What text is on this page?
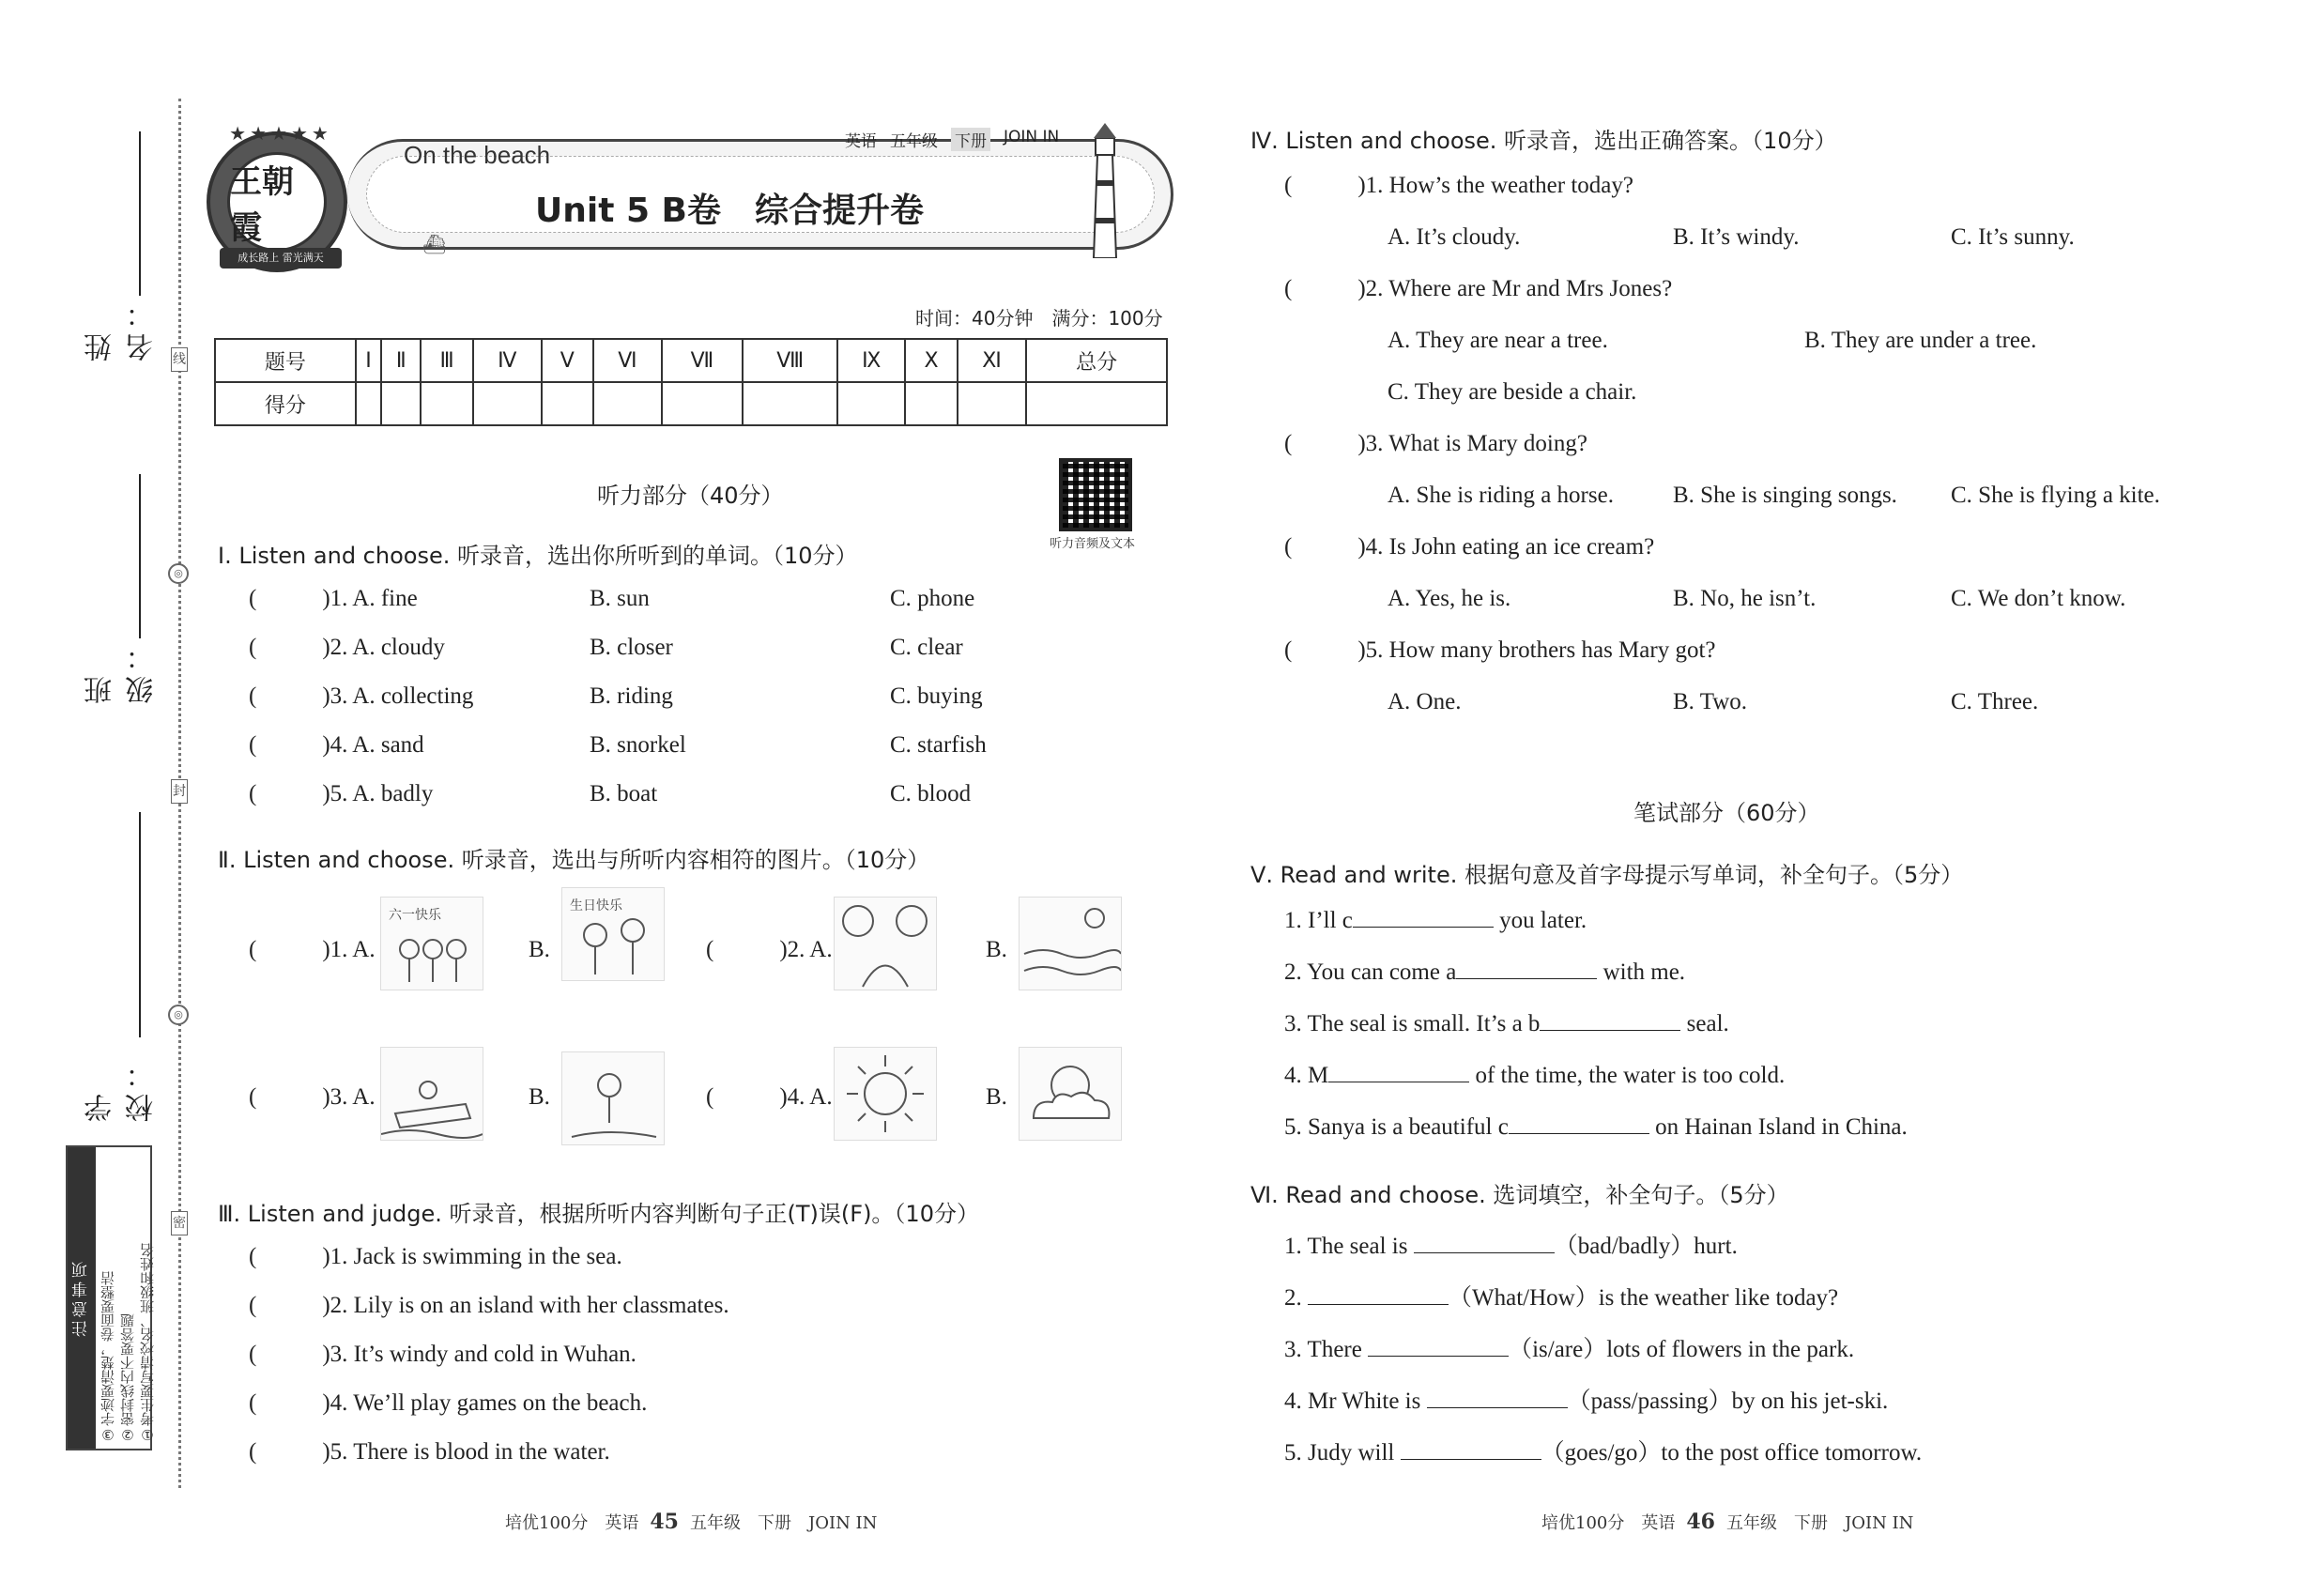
◎
◎
线
封
密
姓名：
班级：
学校：
注意事项	①考生要写清校名、班级和姓名
②密封线内不要答题
③字迹要清楚，卷面要整洁
★★★★★
王朝霞
成长路上 雷光满天
On the beach	英语 五年级 下册 JOIN IN
Unit 5 B卷　综合提升卷
⛴
时间：40分钟　满分：100分
题号	Ⅰ	Ⅱ	Ⅲ	Ⅳ	Ⅴ	Ⅵ	Ⅶ	Ⅷ	Ⅸ	Ⅹ	Ⅺ	总分
得分												
听力部分（40分）
听力音频及文本
Ⅰ. Listen and choose. 听录音，选出你所听到的单词。（10分）
(	)1. A. fine	B. sun	C. phone
(	)2. A. cloudy	B. closer	C. clear
(	)3. A. collecting	B. riding	C. buying
(	)4. A. sand	B. snorkel	C. starfish
(	)5. A. badly	B. boat	C. blood
Ⅱ. Listen and choose. 听录音，选出与所听内容相符的图片。（10分）
(	)1. A.
六一快乐
B.
生日快乐
(	)2. A.	B.
(	)3. A.	B.	(	)4. A.	B.
Ⅲ. Listen and judge. 听录音，根据所听内容判断句子正(T)误(F)。（10分）
(	)1. Jack is swimming in the sea.
(	)2. Lily is on an island with her classmates.
(	)3. It’s windy and cold in Wuhan.
(	)4. We’ll play games on the beach.
(	)5. There is blood in the water.
培优100分　英语 45 五年级　下册　JOIN IN
Ⅳ. Listen and choose. 听录音，选出正确答案。（10分）
(	)1. How’s the weather today?
A. It’s cloudy.	B. It’s windy.	C. It’s sunny.
(	)2. Where are Mr and Mrs Jones?
A. They are near a tree.	B. They are under a tree.
C. They are beside a chair.
(	)3. What is Mary doing?
A. She is riding a horse.	B. She is singing songs. C. She is flying a kite.
(	)4. Is John eating an ice cream?
A. Yes, he is.	B. No, he isn’t.	C. We don’t know.
(	)5. How many brothers has Mary got?
A. One.	B. Two.	C. Three.
笔试部分（60分）
Ⅴ. Read and write. 根据句意及首字母提示写单词，补全句子。（5分）
1. I’ll c	you later.
2. You can come a	with me.
3. The seal is small. It’s a b	seal.
4. M	of the time, the water is too cold.
5. Sanya is a beautiful c	on Hainan Island in China.
Ⅵ. Read and choose. 选词填空，补全句子。（5分）
1. The seal is	（bad/badly）hurt.
2.	（What/How）is the weather like today?
3. There	（is/are）lots of flowers in the park.
4. Mr White is	（pass/passing）by on his jet-ski.
5. Judy will	（goes/go）to the post office tomorrow.
培优100分　英语 46 五年级　下册　JOIN IN
